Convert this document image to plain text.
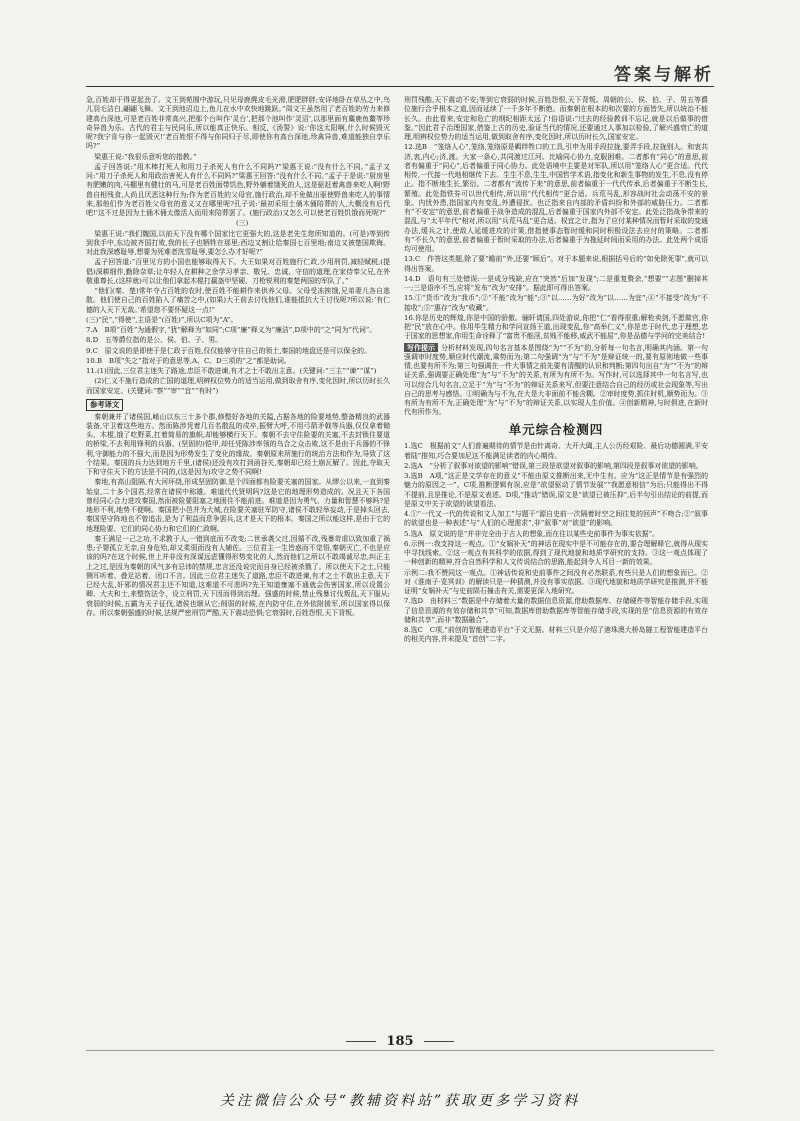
答案与解析

急,百姓却干得更起劲了。文王到苑囿中游玩,只见母鹿麂皮毛光滑,肥肥胖胖;安详地卧在草丛之中,鸟儿羽毛洁白,翩翩飞舞。文王到池沼边上,鱼儿在水中欢快地跳跃。”周文王虽然用了老百姓的劳力来修建高台深池,可是老百姓非常高兴,把那个台叫作‘灵台’,把那个池叫作‘灵沼’,以那里面有麋鹿鱼鳖等珍奇异兽为乐。古代的君主与民同乐,所以能真正快乐。相反,《汤誓》说:‘你这太阳啊,什么时候毁灭呢?我宁肯与你一起毁灭!’老百姓恨不得与你同归于尽,即使你有高台深池,珍禽异兽,难道能独自享乐吗?”

梁惠王说:“我很乐意听您的指教。”

孟子回答说:“用木棒打死人和用刀子杀死人有什么不同吗?”梁惠王说:“没有什么不同。”孟子又问:“用刀子杀死人和用政治害死人有什么不同吗?”梁惠王回答:“没有什么不同。”孟子于是说:“厨房里有肥嫩的肉,马棚里有健壮的马,可是老百姓面带饥色,野外躺着饿死的人,这是驱赶着禽兽来吃人啊!野兽自相残食,人尚且厌恶这种行为;作为老百姓的父母官,施行政治,却不免做出驱使野兽来吃人的事情来,那他们作为老百姓父母官的意义又在哪里呢?孔子说:‘最初采用土俑木俑陪葬的人,大概没有后代吧!’这不过是因为土俑木俑太像活人而用来陪葬罢了。(施行政治)又怎么可以使老百姓饥饿而死呢?”

(三)

梁惠王说:“我们魏国,以前天下没有哪个国家比它更强大的,这是老先生您所知道的。(可是)等到传到我手中,东边被齐国打败,我的长子也牺牲在那里;西边又割让给秦国七百里地;南边又被楚国欺侮。对此我深感耻辱,想要为死难者洗雪耻辱,要怎么办才好呢?”

孟子回答道:“百里见方的小国也能够取得天下。大王如果对百姓施行仁政,少用刑罚,减轻赋税,(提倡)深耕细作,勤除杂草;让年轻人在耕种之余学习孝亲、敬兄、忠诚、守信的道理,在家侍奉父兄,在外敬重尊长,(这样就)可以让他们拿起木棍打赢盔甲坚硬、刀枪锐利的秦楚两国的军队了。”

“他们(秦、楚)常年夺占百姓的农时,使百姓不能耕作来供养父母。父母受冻挨饿,兄弟妻儿各自逃散。他们使自己的百姓陷入了痛苦之中,(如果)大王前去讨伐他们,谁能抵抗大王讨伐呢?所以说:‘有仁德的人天下无敌。’希望您不要怀疑这一点!”

(三)“民”,“得使”,主语是“(百姓)”,所以C项为“A”。

7.A　B项“百姓”为通假字,“犹”解释为“如同”;C项“廉”释义为“廉洁”,D项中的“之”同为“代词”。

8.D　五等爵位指的是公、侯、伯、子、男。

9.C　原文说的是即使于是仁政于百姓,仅仅能够守住自己的领土,秦国的地盘还是可以保全的。

10.B　B项“失之”指对于的意思等,A、C、D三项的“之”都是助词。

11.(1)因此,三位君主迷失了路途,忠臣不敢进谏,有才之士不敢出主意。(关键词:“三主”“谏”“谋”)

(2)仁义不施行造成的亡国的道理,明辨权位势力的适当运用,做到取舍有序,变化因时,所以历时长久而国家安定。(关键词:“察”“审”“宜”“有时”)

参考译文

秦朝兼并了诸侯国,崤山以东三十多个郡,修整好各地的关隘,占据各地的险要地势,整备精良的武器装备,守卫着这些地方。然而陈涉凭着几百名散乱的戍卒,振臂大呼,不用弓箭矛戟等兵器,仅仅拿着锄头、木棍,饿了吃野菜,扛着简易的旗帜,却能够横行天下。秦朝不去守住险要的关塞,不去封锁住要道的桥梁,不去利用锋利的兵器、(坚固的)铠甲,却任凭陈涉率领的乌合之众击败,这不是由于兵器的不锋利,守御能力的不强大,而是因为形势发生了变化的缘故。秦朝原来所施行的统治方法和作为,导致了这个结果。秦国的兵力达到地方千里,(诸侯)还没有攻打到函谷关,秦朝却已经土崩瓦解了。因此,夺取天下和守住天下的方法是不同的,(这是因为)攻守之势不同啊!

秦地,有高山阻隔,有大河环绕,形成坚固防御,是个四面都有险要关塞的国家。从缪公以来,一直到秦始皇,二十多个国君,经常在诸侯中称雄。难道代代贤明吗?这是它的地理形势造成的。况且天下各国曾经同心合力进攻秦国,然而被险要阻塞之地困住不能前进。难道是因为勇气、力量和智慧不够吗?是地形不利,地势不便啊。秦国把小邑并为大城,在险要关塞驻军防守,诸侯不敢轻举妄动,于是掉头回去,秦国坚守阵地也不曾追击,是为了利益而息争罢兵,这才是天下的根本。秦国之所以能这样,是由于它的地理险要、它们的同心协力和它们的仁政啊。

秦王满足一己之功,不求教于人,一错到底而不改变;二世承袭父过,因循不改,残暴苛虐以致加重了祸患;子婴孤立无亲,自身危殆,却又柔弱而没有人辅佐。三位君主一生皆惑而不觉悟,秦朝灭亡,不也是应该的吗?在这个时候,世上并非没有深谋远虑懂得形势变化的人,然而他们之所以不敢竭诚尽忠,纠正主上之过,是因为秦朝的风气多有忌讳的禁规,忠言还没说完而自身已经被杀戮了。所以使天下之士,只能侧耳听着、叠足站着、闭口不言。因此三位君主迷失了道路,忠臣不敢进谏,有才之士不敢出主意,天下已经大乱,奸邪的情况君主还不知道,这难道不可悲吗?先王知道壅塞不通就会伤害国家,所以设置公卿、大夫和士,来整饬法令、设立刑罚,天下因而得到治理。强盛的时候,禁止残暴讨伐叛乱,天下服从;衰弱的时候,五霸为天子征伐,诸侯也顺从它;削弱的时候,在内防守住,在外依附援军,所以国家得以保存。所以秦朝强盛的时候,法规严密刑罚严酷,天下震动恐惧;它衰弱时,百姓怨恨,天下背叛。

刑罚残酷,天下震动不安;等到它衰弱的时候,百姓怨恨,天下背叛。周朝的公、侯、伯、子、男五等爵位施行合乎根本之道,因而延续了一千多年不断绝。而秦朝在根本的和次要的方面皆失,所以统治不能长久。由此看来,安定和危亡的纲纪相距太远了!俗语说:“过去的经验教训不忘记,就是以后做事的借鉴。”因此君子治理国家,借鉴上古的历史,验证当代的情况,还要通过人事加以检验,了解兴盛衰亡的道理,明辨权位势力的适当运用,做到取舍有序,变化因时,所以历时长久,国家安定。

12.选B　“笼络人心”,笼络,笼络原是羁绊牲口的工具,引申为用手段拉拢,要弄手段,拉拢别人。和衷共济,衷,内心;济,渡。大家一条心,共同渡过江河。比喻同心协力,克服困难。二者都有“同心”的意思,前者有偏重于“同心”,后者偏重于同心协力。此处语境中主要是对军队,所以用“笼络人心”更合适。代代相传,一代接一代地相继传下去。生生不息,生生,中国哲学术语,指变化和新生事物的发生,不息,没有停止。指不断地生长,繁衍。二者都有“流传下来”的意思,前者偏重于一代代传承,后者偏重于不断生长,繁殖。此处指铁券可以世代相传,所以用“代代相传”更合适。兵荒马乱,形容战时社会动荡不安的景象。内忧外患,指国家内有变乱,外遭侵扰。也泛指来自内部的矛盾纠纷和外部的威胁压力。二者都有“不安定”的意思,前者偏重于战争造成的混乱,后者偏重于国家内外部不安定。此处泛指战争带来的混乱,与“太平年代”相对,所以用“兵荒马乱”更合适。权宜之计,指为了应付某种情况而暂时采取的变通办法,缓兵之计,使敌人延缓进攻的计策,借指使事态暂时缓和同时积极设法去应付的策略。二者都有“不长久”的意思,前者偏重于暂时采取的办法,后者偏重于为拖延时间而采用的办法。此处两个成语均可使用。

13.C　作答这类题,除了要“瞻前”外,还要“顾后”。对于本题来说,根据括号后的“如免除死罪”,就可以得出答案。

14.D　语句有三处错误:一是成分残缺,应在“突然”后加“发现”;二是重复赘余,“想要”“志图”删掉其一;三是语序不当,应将“发布”改为“安排”。据此即可得出答案。

15.①“货币”改为“我币”;②“不能”改为“能”;③“以……为好”改为“以……为宜”;④“不接受”改为“不接收”;⑤“惠存”改为“收藏”。

16.你是历史的辉煌,你是中国的骄傲。骊轩请国,四处游说,你把“仁”看得很重;解枪卖剑,不愿做官,你把“民”放在心中。你用毕生精力和学问宣扬王道,出现变乱,你“高举仁义”,你是忠于时代,忠于理想,忠于国家的思想家,你用生命诠释了“富贵不能淫,贫贱不能移,威武不能屈”,你是品德与学问的完美结合!

写作提示 分析材料发现,四句名言基本是围绕“为”“不为”的,分析每一句名言,明确其内涵。第一句强调审时度势,顺应时代潮流,乘势而为;第二句强调“为”与“不为”是辩证统一的,要有原则地做一些事情,也要有所不为;第三句强调在一件大事情之前先要有清醒的认识和判断;第四句出自“为”“不为”的辩证关系,强调要正确处理“为”与“不为”的关系,有所为有所不为。写作时,可以选择其中一句名言写,也可以综合几句名言,立足于“为”与“不为”的辩证关系来写,但要注意结合自己的经历或社会现象等,写出自己的思考与感悟。①明确为与不为,在大是大非面前不能含糊。②审时度势,抓住时机,顺势而为。③有所为有所不为,正确处理“为”与“不为”的辩证关系,以实现人生价值。④创新精神,与时俱进,在新时代有所作为。

单元综合检测四

1.选C　根据前文“人们普遍期待的情节是由针离奇、大开大阖,主人公历经艰险、最后功德圆满,平安着陆”推知,巧合要加尼这不能满足读者的内心期待。

2.选A　“分析了叙事对欲望的影响”错误,第三段是欲望对叙事的影响,第四段是叙事对欲望的影响。

3.选B　A项,“这正是文学存在的意义”不能由原文推断出来,无中生有。应为“这正是情节是有强烈的魅力的原因之一”。C项,推断逻辑有误,应是“欲望驱动了情节发展”“我愿意相信”为后;只能得出不得不提前,且是推论,不是原文表述。D项,“推动”错误,原文是“欲望已被压抑”,后半句引出结论的前提,而是原文中关于欲望的欲望看法。

4.①“一代又一代的传说和文人加工”与题干“源自史前一次隔着时空之间往复的回声”不吻合;②“叙事的欲望也是一种表述”与“人们的心理需求”,非“叙事”对“欲望”的影响。

5.选A　原文说的是“并非完全由于古人的想象,而在往以某些史前事件为事实依据”。

6.示例一:我支持这一观点。①“女娲补天”的神话在现实中是不可能存在的,要合理解释它,就得从现实中寻找线索。②这一观点有其科学的依据,得到了现代地貌和地质学研究的支持。③这一观点体现了一种创新的精神,符合自然科学和人文传说结合的思路,能起到令人耳目一新的效果。

示例二:我不赞同这一观点。①神话传说和史前事件之间没有必然联系,有些只是人们的想象而已。②对《淮南子·览冥训》的解读只是一种猜测,并没有事实依据。③现代地貌和地质学研究是推测,并不能证明“女娲补天”与史前陨石撞击有关,需要更深入地研究。

7.选D　由材料三“数据是中存储着大量的数据信息资源,借助数据库、存储硬件等智能存储手段,实现了信息资源的有效存储和共享”可知,数据库借助数据库等智能存储手段,实现的是“信息资源的有效存储和共享”,而非“数据融合”。

8.选C　C项,“前创的智能建造平台”于文无据。材料三只是介绍了港珠澳大桥岛隧工程智能建造平台的相关内容,并未提及“首创”二字。

185
关注微信公众号“教辅资料站”获取更多学习资料
